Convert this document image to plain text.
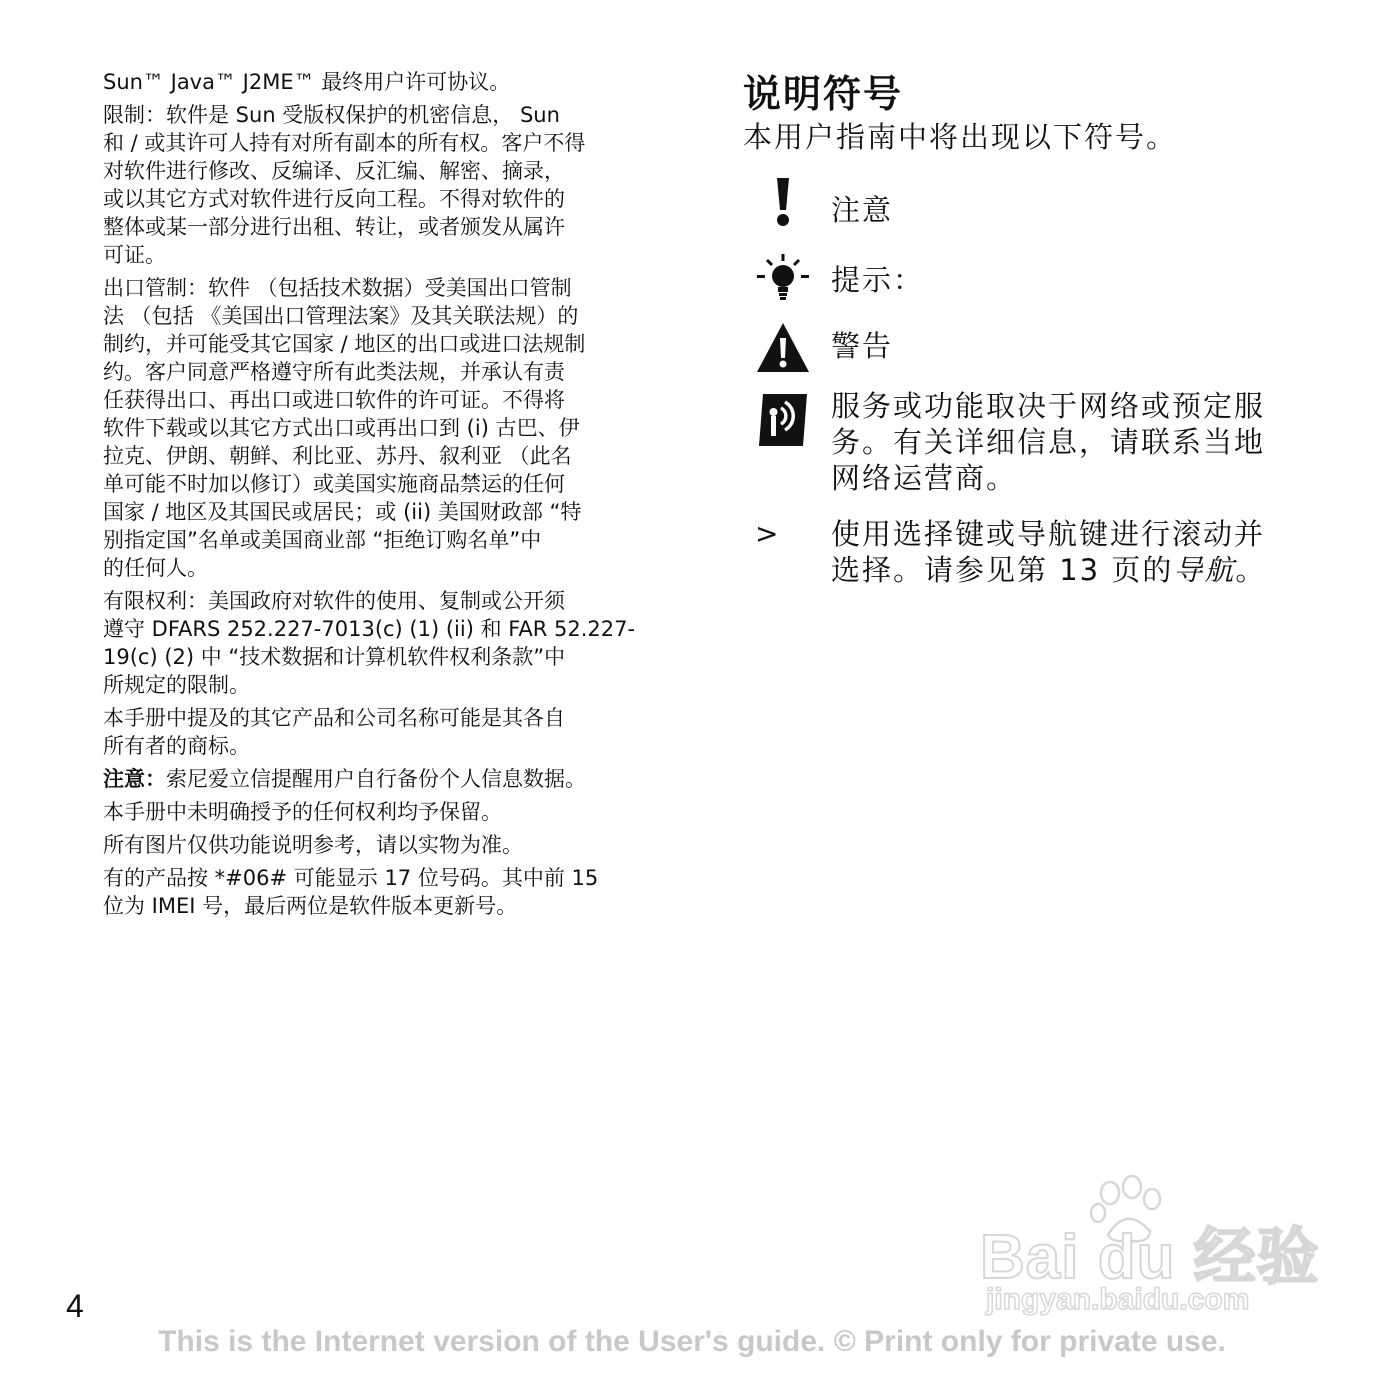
Sun™ Java™ J2ME™ 最终用户许可协议。

限制：软件是 Sun 受版权保护的机密信息， Sun
和 / 或其许可人持有对所有副本的所有权。客户不得
对软件进行修改、反编译、反汇编、解密、摘录，
或以其它方式对软件进行反向工程。不得对软件的
整体或某一部分进行出租、转让，或者颁发从属许
可证。

出口管制：软件 （包括技术数据）受美国出口管制
法 （包括 《美国出口管理法案》及其关联法规）的
制约，并可能受其它国家 / 地区的出口或进口法规制
约。客户同意严格遵守所有此类法规，并承认有责
任获得出口、再出口或进口软件的许可证。不得将
软件下载或以其它方式出口或再出口到 (i) 古巴、伊
拉克、伊朗、朝鲜、利比亚、苏丹、叙利亚 （此名
单可能不时加以修订）或美国实施商品禁运的任何
国家 / 地区及其国民或居民；或 (ii) 美国财政部 “特
别指定国”名单或美国商业部 “拒绝订购名单”中
的任何人。

有限权利：美国政府对软件的使用、复制或公开须
遵守 DFARS 252.227-7013(c) (1) (ii) 和 FAR 52.227-
19(c) (2) 中 “技术数据和计算机软件权利条款”中
所规定的限制。

本手册中提及的其它产品和公司名称可能是其各自
所有者的商标。

注意：索尼爱立信提醒用户自行备份个人信息数据。

本手册中未明确授予的任何权利均予保留。

所有图片仅供功能说明参考，请以实物为准。

有的产品按 *#06# 可能显示 17 位号码。其中前 15
位为 IMEI 号，最后两位是软件版本更新号。

说明符号

本用户指南中将出现以下符号。

注意
提示：
警告
服务或功能取决于网络或预定服
务。有关详细信息，请联系当地
网络运营商。
> 使用选择键或导航键进行滚动并
选择。请参见第 13 页的导航。
4
Bai du 经验
jingyan.baidu.com
This is the Internet version of the User's guide. © Print only for private use.
